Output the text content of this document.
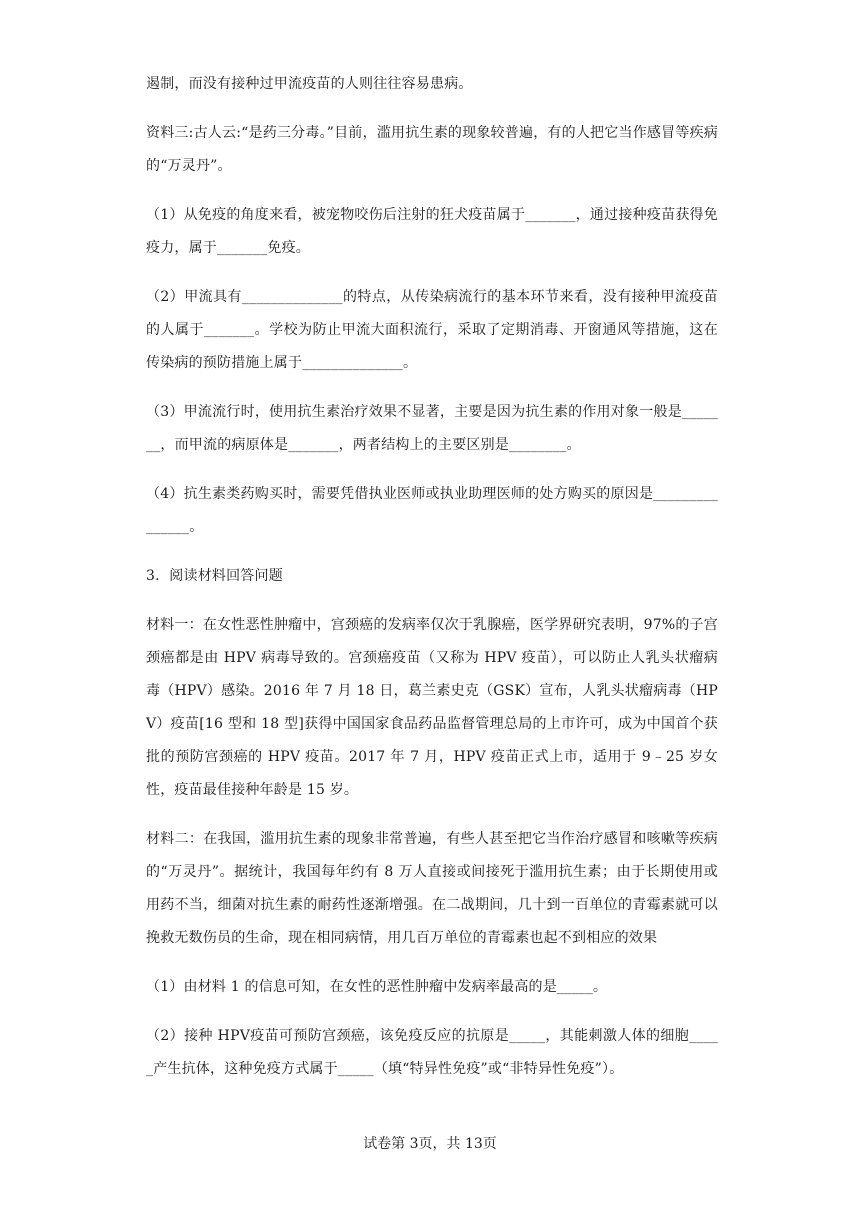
遏制，而没有接种过甲流疫苗的人则往往容易患病。

资料三:古人云:“是药三分毒。”目前，滥用抗生素的现象较普遍，有的人把它当作感冒等疾病的“万灵丹”。

（1）从免疫的角度来看，被宠物咬伤后注射的狂犬疫苗属于_______，通过接种疫苗获得免疫力，属于_______免疫。

（2）甲流具有______________的特点，从传染病流行的基本环节来看，没有接种甲流疫苗的人属于_______。学校为防止甲流大面积流行，采取了定期消毒、开窗通风等措施，这在传染病的预防措施上属于______________。

（3）甲流流行时，使用抗生素治疗效果不显著，主要是因为抗生素的作用对象一般是_______，而甲流的病原体是_______，两者结构上的主要区别是________。

（4）抗生素类药购买时，需要凭借执业医师或执业助理医师的处方购买的原因是_______________。

3．阅读材料回答问题

材料一：在女性恶性肿瘤中，宫颈癌的发病率仅次于乳腺癌，医学界研究表明，97%的子宫颈癌都是由 HPV 病毒导致的。宫颈癌疫苗（又称为 HPV 疫苗），可以防止人乳头状瘤病毒（HPV）感染。2016 年 7 月 18 日，葛兰素史克（GSK）宣布，人乳头状瘤病毒（HPV）疫苗[16 型和 18 型]获得中国国家食品药品监督管理总局的上市许可，成为中国首个获批的预防宫颈癌的 HPV 疫苗。2017 年 7 月，HPV 疫苗正式上市，适用于 9﹣25 岁女性，疫苗最佳接种年龄是 15 岁。

材料二：在我国，滥用抗生素的现象非常普遍，有些人甚至把它当作治疗感冒和咳嗽等疾病的“万灵丹”。据统计，我国每年约有 8 万人直接或间接死于滥用抗生素；由于长期使用或用药不当，细菌对抗生素的耐药性逐渐增强。在二战期间，几十到一百单位的青霉素就可以挽救无数伤员的生命，现在相同病情，用几百万单位的青霉素也起不到相应的效果

（1）由材料 1 的信息可知，在女性的恶性肿瘤中发病率最高的是_____。

（2）接种 HPV疫苗可预防宫颈癌，该免疫反应的抗原是_____，其能刺激人体的细胞_____产生抗体，这种免疫方式属于_____（填“特异性免疫”或“非特异性免疫”）。

试卷第 3页，共 13页
